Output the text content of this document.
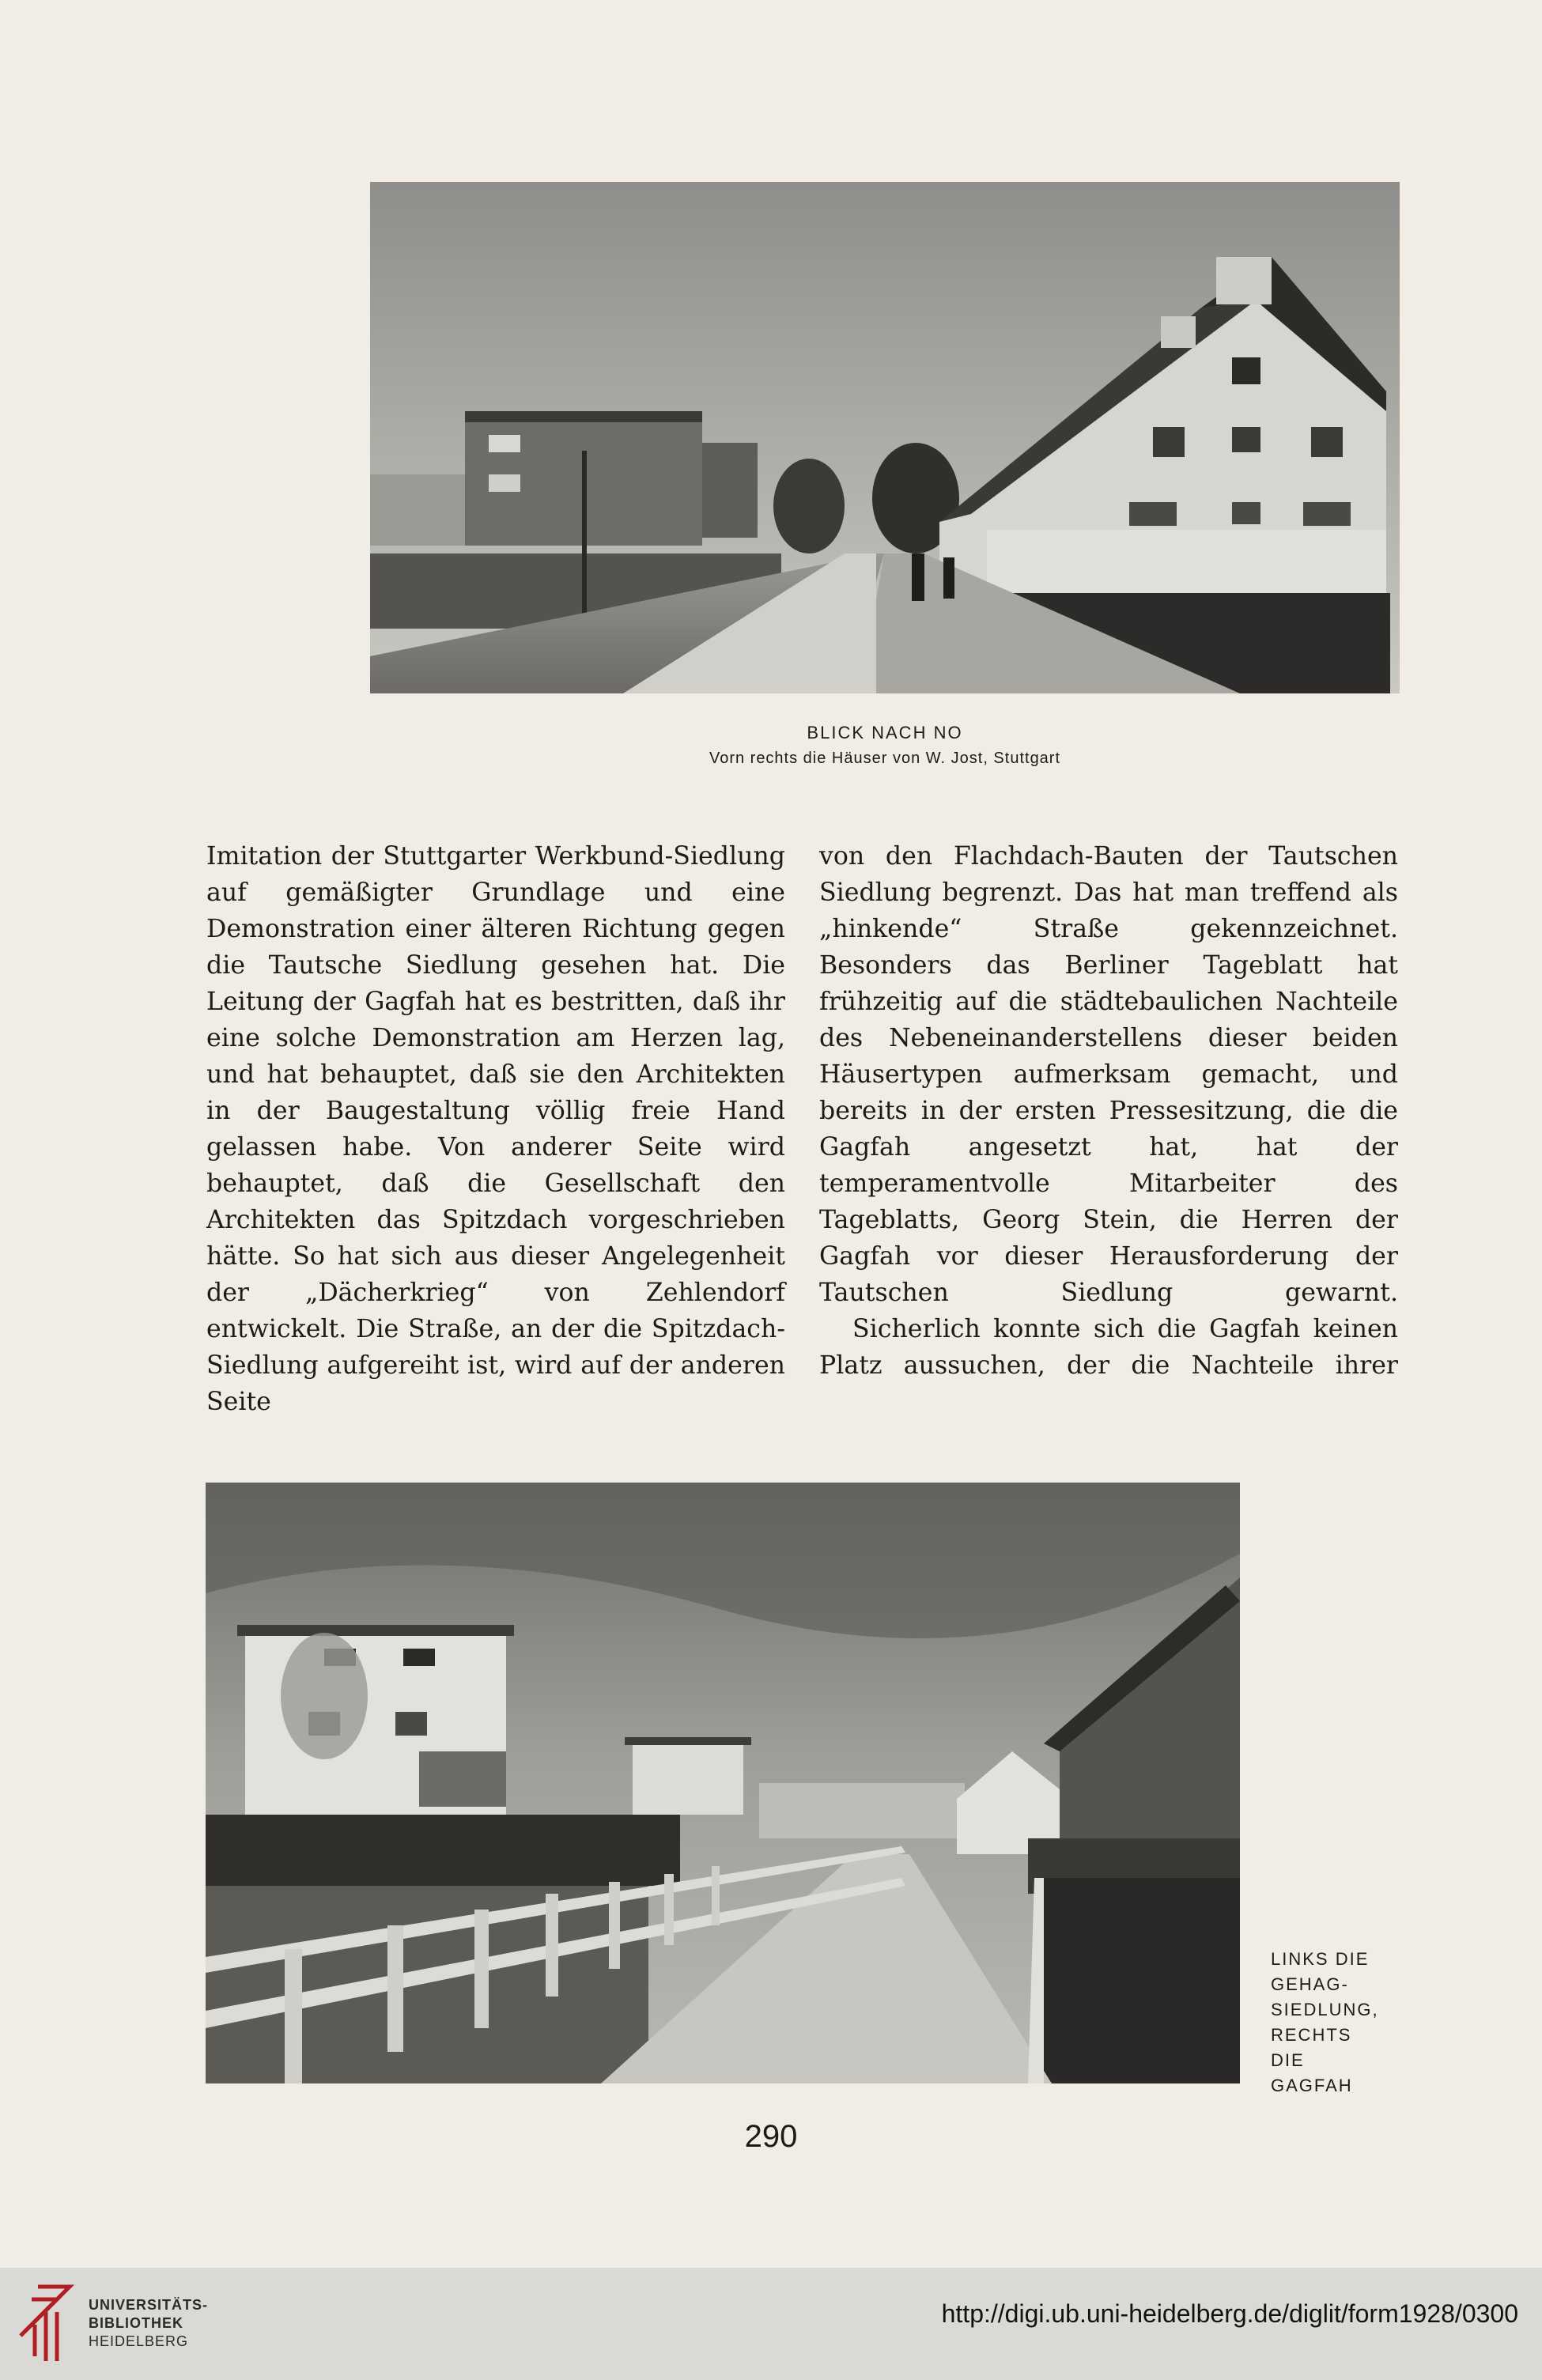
BLICK NACH NO
Vorn rechts die Häuser von W. Jost, Stuttgart

Imitation der Stuttgarter Werkbund-Siedlung auf gemäßigter Grundlage und eine Demonstration einer älteren Richtung gegen die Tautsche Siedlung gesehen hat. Die Leitung der Gagfah hat es bestritten, daß ihr eine solche Demonstration am Herzen lag, und hat behauptet, daß sie den Architekten in der Baugestaltung völlig freie Hand gelassen habe. Von anderer Seite wird behauptet, daß die Gesellschaft den Architekten das Spitzdach vorgeschrieben hätte. So hat sich aus dieser Angelegenheit der „Dächerkrieg“ von Zehlendorf entwickelt. Die Straße, an der die Spitzdach-Siedlung aufgereiht ist, wird auf der anderen Seite

von den Flachdach-Bauten der Tautschen Siedlung begrenzt. Das hat man treffend als „hinkende“ Straße gekennzeichnet. Besonders das Berliner Tageblatt hat frühzeitig auf die städtebaulichen Nachteile des Nebeneinanderstellens dieser beiden Häusertypen aufmerksam gemacht, und bereits in der ersten Pressesitzung, die die Gagfah angesetzt hat, hat der temperamentvolle Mitarbeiter des Tageblatts, Georg Stein, die Herren der Gagfah vor dieser Herausforderung der Tautschen Siedlung gewarnt.

Sicherlich konnte sich die Gagfah keinen Platz aussuchen, der die Nachteile ihrer

LINKS DIE
GEHAG-
SIEDLUNG,
RECHTS
DIE
GAGFAH
290
UNIVERSITÄTS-
BIBLIOTHEK
HEIDELBERG
http://digi.ub.uni-heidelberg.de/diglit/form1928/0300
